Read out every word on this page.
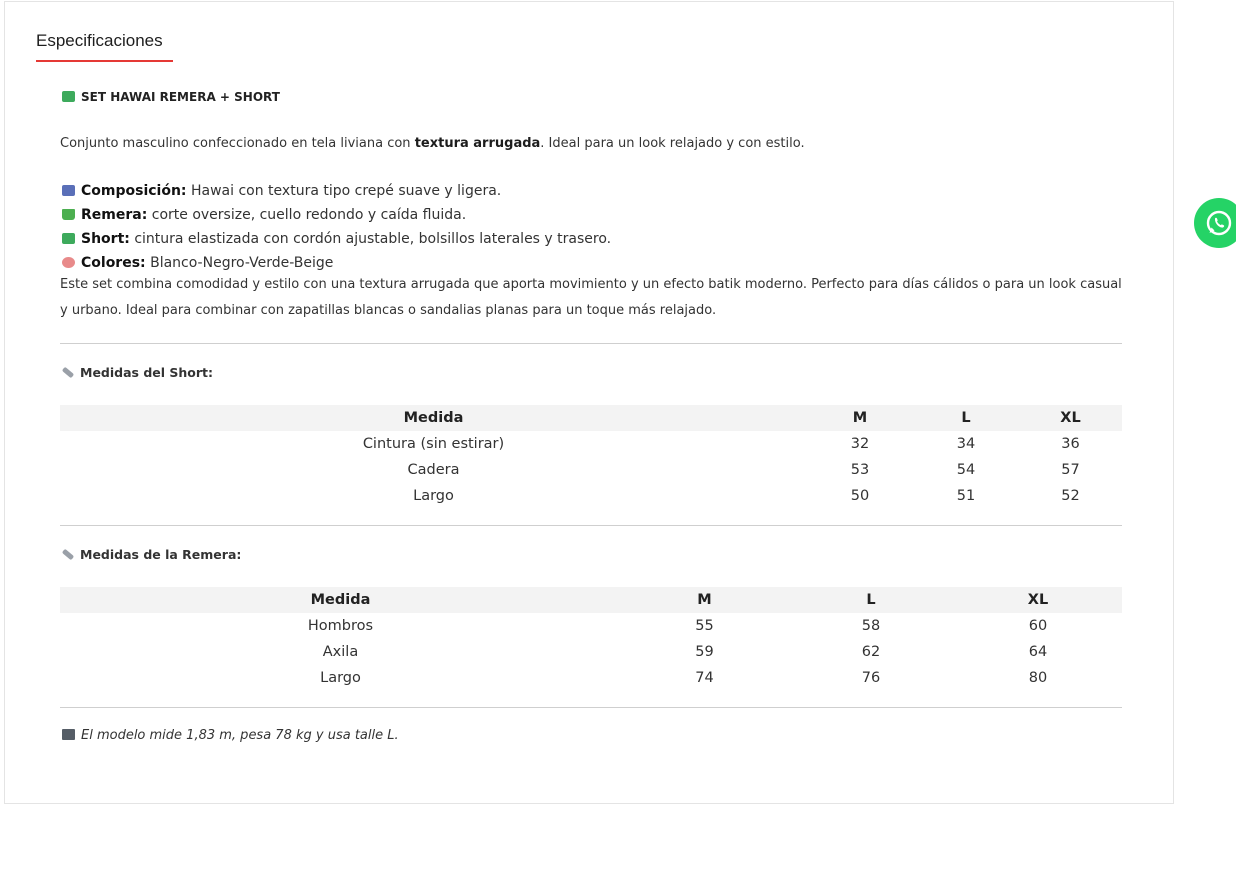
Especificaciones
SET HAWAI REMERA + SHORT
Conjunto masculino confeccionado en tela liviana con textura arrugada. Ideal para un look relajado y con estilo.
Composición: Hawai con textura tipo crepé suave y ligera.
Remera: corte oversize, cuello redondo y caída fluida.
Short: cintura elastizada con cordón ajustable, bolsillos laterales y trasero.
Colores: Blanco-Negro-Verde-Beige
Este set combina comodidad y estilo con una textura arrugada que aporta movimiento y un efecto batik moderno. Perfecto para días cálidos o para un look casual y urbano. Ideal para combinar con zapatillas blancas o sandalias planas para un toque más relajado.
Medidas del Short:
Medida	M	L	XL
Cintura (sin estirar)	32	34	36
Cadera	53	54	57
Largo	50	51	52
Medidas de la Remera:
Medida	M	L	XL
Hombros	55	58	60
Axila	59	62	64
Largo	74	76	80
El modelo mide 1,83 m, pesa 78 kg y usa talle L.
